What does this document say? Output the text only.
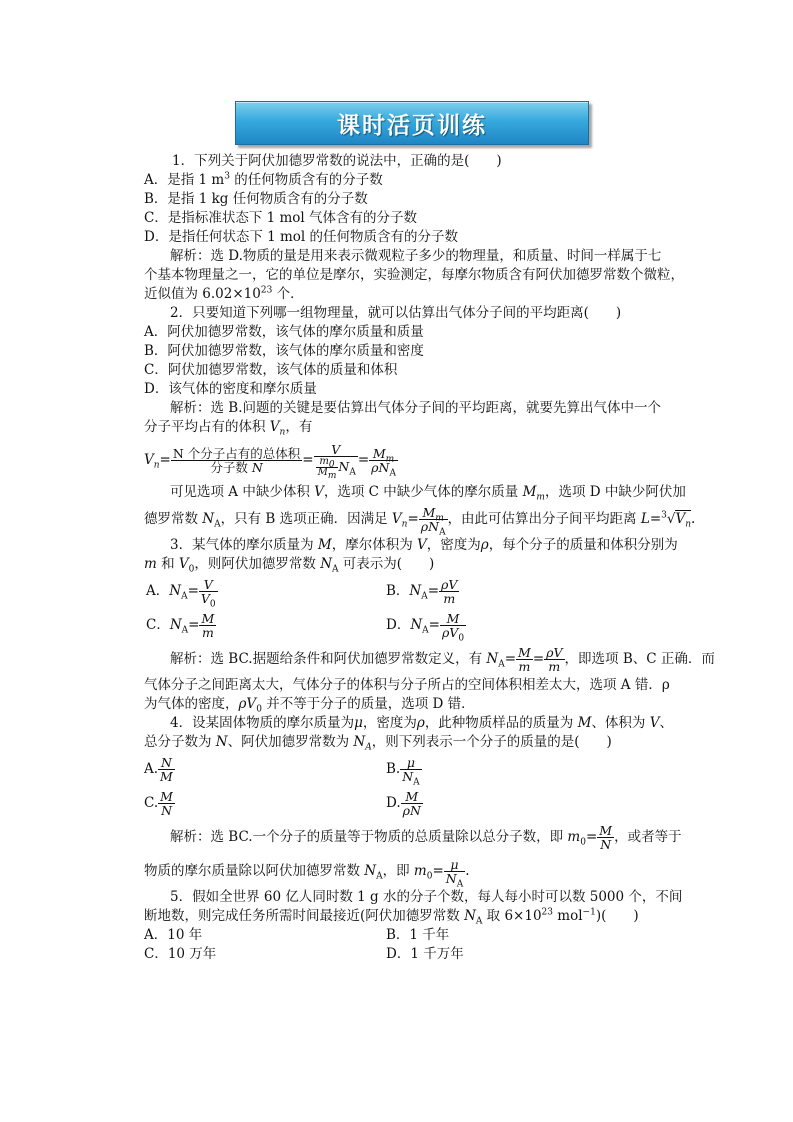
课时活页训练
1．下列关于阿伏加德罗常数的说法中，正确的是(　　)
A．是指 1 $m^3$ 的任何物质含有的分子数
B．是指 1 kg 任何物质含有的分子数
C．是指标准状态下 1 mol 气体含有的分子数
D．是指任何状态下 1 mol 的任何物质含有的分子数
解析：选 D.物质的量是用来表示微观粒子多少的物理量，和质量、时间一样属于七
个基本物理量之一，它的单位是摩尔，实验测定，每摩尔物质含有阿伏加德罗常数个微粒，
近似值为 $6.02\times 10^{23}$ 个．
2．只要知道下列哪一组物理量，就可以估算出气体分子间的平均距离(　　)
A．阿伏加德罗常数，该气体的摩尔质量和质量
B．阿伏加德罗常数，该气体的摩尔质量和密度
C．阿伏加德罗常数，该气体的质量和体积
D．该气体的密度和摩尔质量
解析：选 B.问题的关键是要估算出气体分子间的平均距离，就要先算出气体中一个
分子平均占有的体积 $V_n$，有
$V_n= \frac{\text{N 个分子占有的总体积}}{\text{分子数 N}} = \frac{V}{\frac{m_0}{M_m} N_A} = \frac{M_m}{\rho N_A}$
可见选项 A 中缺少体积 V，选项 C 中缺少气体的摩尔质量 $M_m$，选项 D 中缺少阿伏加
德罗常数 $N_A$，只有 B 选项正确．因满足 $V_n= \frac{M_m}{\rho N_A}$ ，由此可估算出分子间平均距离 $L=^3√V_n$.
3．某气体的摩尔质量为 M，摩尔体积为 V，密度为ρ，每个分子的质量和体积分别为
m 和 $V_0$，则阿伏加德罗常数 $N_A$ 可表示为(　　)
A．$N_A= \frac{V}{V_0}$	B．$N_A= \frac{\rho V}{m}$
C．$N_A= \frac{M}{m}$	D．$N_A= \frac{M}{\rho V_0}$
解析：选 BC.据题给条件和阿伏加德罗常数定义，有 $N_A= \frac{M}{m} = \frac{\rho V}{m}$ ，即选项 B、C 正确．而
气体分子之间距离太大，气体分子的体积与分子所占的空间体积相差太大，选项 A 错．ρ
为气体的密度，$\rho V_0$ 并不等于分子的质量，选项 D 错．
4．设某固体物质的摩尔质量为μ，密度为ρ，此种物质样品的质量为 M、体积为 V、
总分子数为 N、阿伏加德罗常数为 $N_A$，则下列表示一个分子的质量的是(　　)
A. $\frac{N}{M}$	B. $\frac{\mu}{N_A}$
C. $\frac{M}{N}$	D. $\frac{M}{\rho N}$
解析：选 BC.一个分子的质量等于物质的总质量除以总分子数，即 $m_0= \frac{M}{N}$ ，或者等于
物质的摩尔质量除以阿伏加德罗常数 $N_A$，即 $m_0= \frac{\mu}{N_A}$ .
5．假如全世界 60 亿人同时数 1 g 水的分子个数，每人每小时可以数 5000 个，不间
断地数，则完成任务所需时间最接近(阿伏加德罗常数 $N_A$ 取 $6\times 10^{23}$ mol$^{-1}$)(　　)
A．10 年	B．1 千年
C．10 万年	D．1 千万年
